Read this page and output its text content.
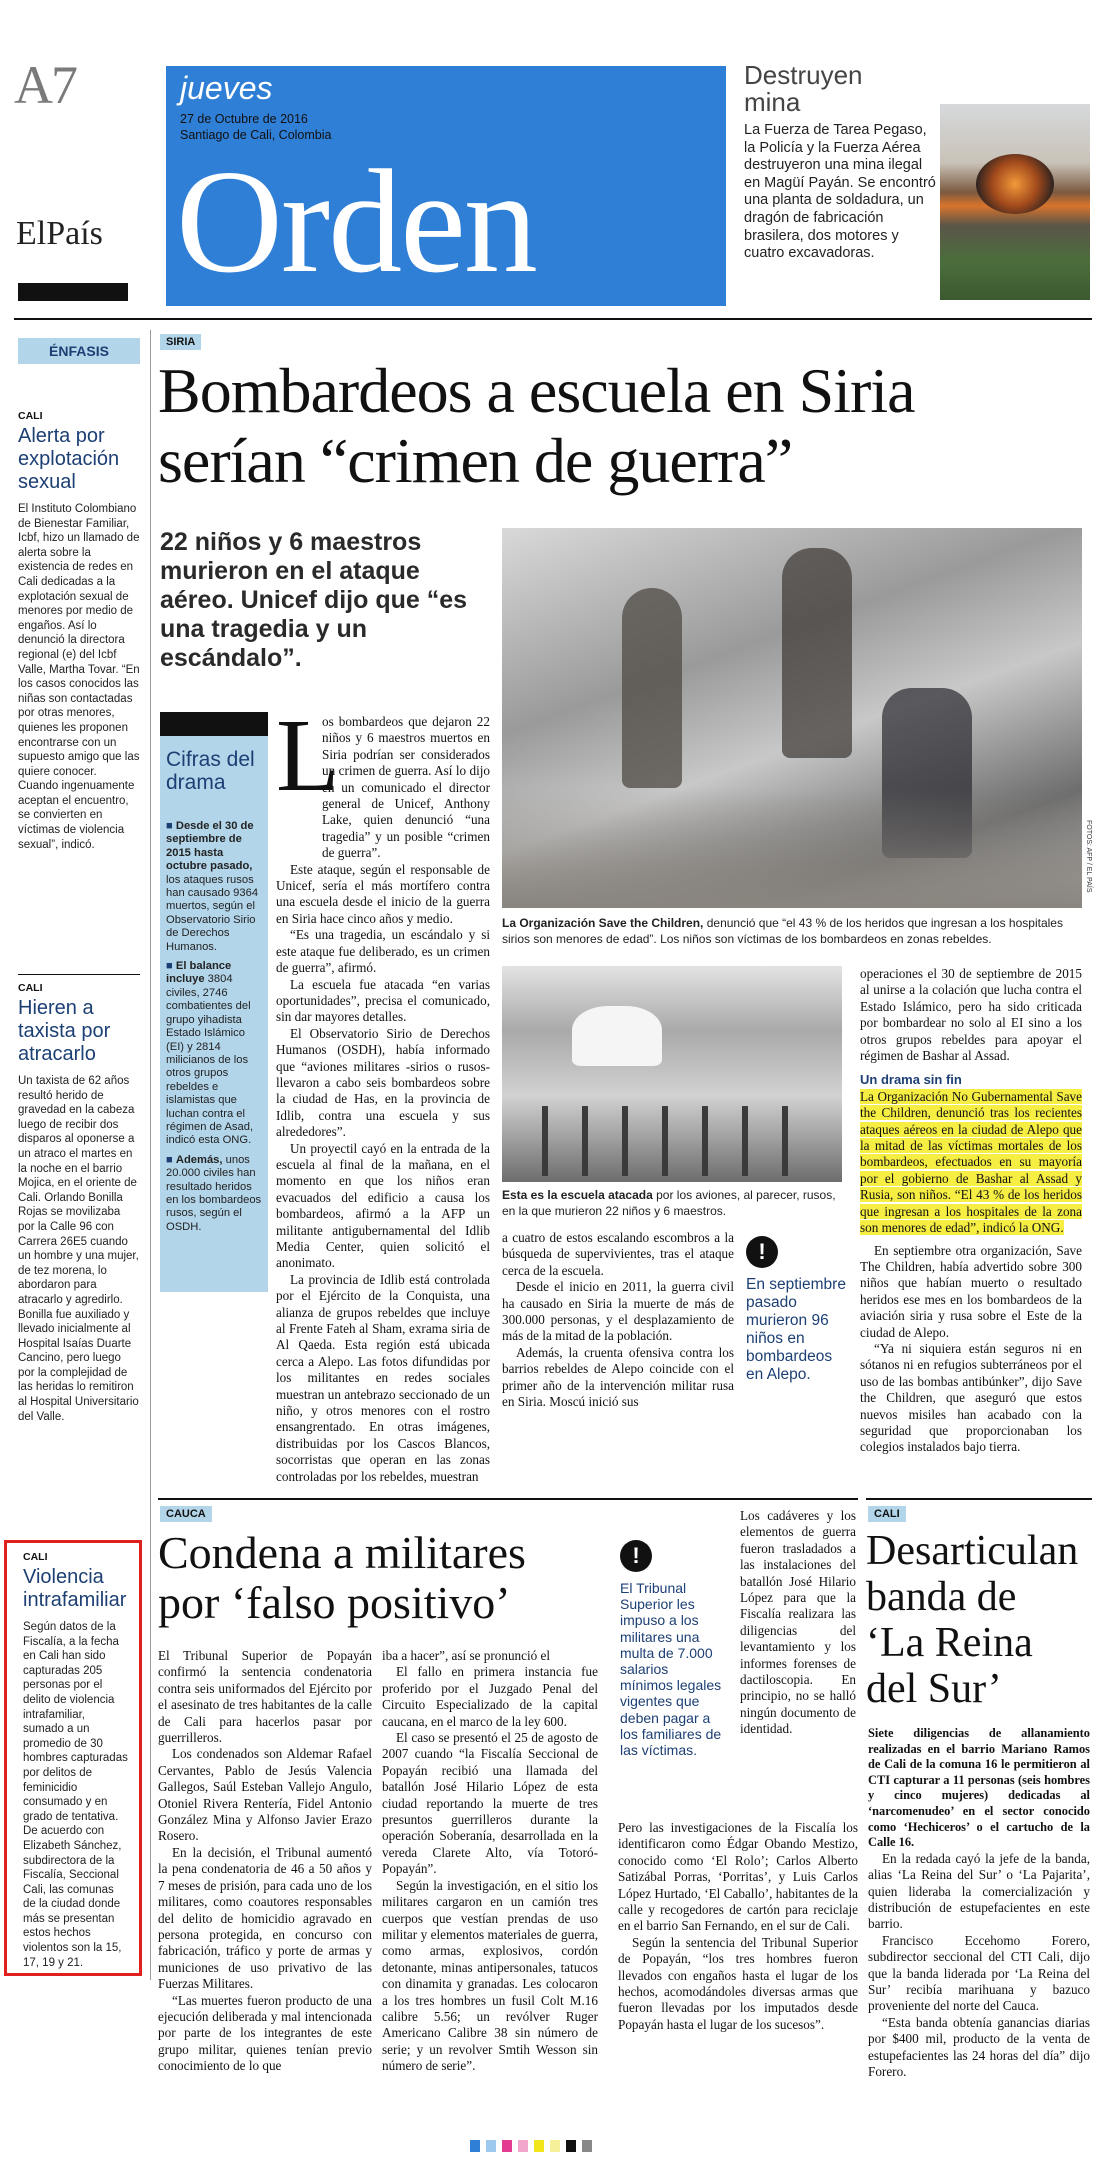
A7
ElPaís
jueves
27 de Octubre de 2016
Santiago de Cali, Colombia
Orden
Destruyen mina
La Fuerza de Tarea Pegaso, la Policía y la Fuerza Aérea destruyeron una mina ilegal en Magüí Payán. Se encontró una planta de soldadura, un dragón de fabricación brasilera, dos motores y cuatro excavadoras.
ÉNFASIS
CALI
Alerta por explotación sexual
El Instituto Colombiano de Bienestar Familiar, Icbf, hizo un llamado de alerta sobre la existencia de redes en Cali dedicadas a la explotación sexual de menores por medio de engaños. Así lo denunció la directora regional (e) del Icbf Valle, Martha Tovar. “En los casos conocidos las niñas son contactadas por otras menores, quienes les proponen encontrarse con un supuesto amigo que las quiere conocer. Cuando ingenuamente aceptan el encuentro, se convierten en víctimas de violencia sexual”, indicó.
CALI
Hieren a taxista por atracarlo
Un taxista de 62 años resultó herido de gravedad en la cabeza luego de recibir dos disparos al oponerse a un atraco el martes en la noche en el barrio Mojica, en el oriente de Cali. Orlando Bonilla Rojas se movilizaba por la Calle 96 con Carrera 26E5 cuando un hombre y una mujer, de tez morena, lo abordaron para atracarlo y agredirlo. Bonilla fue auxiliado y llevado inicialmente al Hospital Isaías Duarte Cancino, pero luego por la complejidad de las heridas lo remitiron al Hospital Universitario del Valle.
CALI
Violencia intrafamiliar
Según datos de la Fiscalía, a la fecha en Cali han sido capturadas 205 personas por el delito de violencia intrafamiliar, sumado a un promedio de 30 hombres capturadas por delitos de feminicidio consumado y en grado de tentativa. De acuerdo con Elizabeth Sánchez, subdirectora de la Fiscalía, Seccional Cali, las comunas de la ciudad donde más se presentan estos hechos violentos son la 15, 17, 19 y 21.
SIRIA
Bombardeos a escuela en Siria
serían “crimen de guerra”
22 niños y 6 maestros murieron en el ataque aéreo. Unicef dijo que “es una tragedia y un escándalo”.
FOTOS: AFP / EL PAÍS
La Organización Save the Children, denunció que “el 43 % de los heridos que ingresan a los hospitales sirios son menores de edad”. Los niños son víctimas de los bombardeos en zonas rebeldes.
Cifras del drama
■ Desde el 30 de septiembre de 2015 hasta octubre pasado, los ataques rusos han causado 9364 muertos, según el Observatorio Sirio de Derechos Humanos.
■ El balance incluye 3804 civiles, 2746 combatientes del grupo yihadista Estado Islámico (EI) y 2814 milicianos de los otros grupos rebeldes e islamistas que luchan contra el régimen de Asad, indicó esta ONG.
■ Además, unos 20.000 civiles han resultado heridos en los bombardeos rusos, según el OSDH.
L

os bombardeos que dejaron 22 niños y 6 maestros muertos en Siria podrían ser considerados un crimen de guerra. Así lo dijo en un comunicado el director general de Unicef, Anthony Lake, quien denunció “una tragedia” y un posible “crimen de guerra”.

Este ataque, según el responsable de Unicef, sería el más mortífero contra una escuela desde el inicio de la guerra en Siria hace cinco años y medio.

“Es una tragedia, un escándalo y si este ataque fue deliberado, es un crimen de guerra”, afirmó.

La escuela fue atacada “en varias oportunidades”, precisa el comunicado, sin dar mayores detalles.

El Observatorio Sirio de Derechos Humanos (OSDH), había informado que “aviones militares -sirios o rusos- llevaron a cabo seis bombardeos sobre la ciudad de Has, en la provincia de Idlib, contra una escuela y sus alrededores”.

Un proyectil cayó en la entrada de la escuela al final de la mañana, en el momento en que los niños eran evacuados del edificio a causa los bombardeos, afirmó a la AFP un militante antigubernamental del Idlib Media Center, quien solicitó el anonimato.

La provincia de Idlib está controlada por el Ejército de la Conquista, una alianza de grupos rebeldes que incluye al Frente Fateh al Sham, exrama siria de Al Qaeda. Esta región está ubicada cerca a Alepo. Las fotos difundidas por los militantes en redes sociales muestran un antebrazo seccionado de un niño, y otros menores con el rostro ensangrentado. En otras imágenes, distribuidas por los Cascos Blancos, socorristas que operan en las zonas controladas por los rebeldes, muestran

Esta es la escuela atacada por los aviones, al parecer, rusos, en la que murieron 22 niños y 6 maestros.

a cuatro de estos escalando escombros a la búsqueda de supervivientes, tras el ataque cerca de la escuela.

Desde el inicio en 2011, la guerra civil ha causado en Siria la muerte de más de 300.000 personas, y el desplazamiento de más de la mitad de la población.

Además, la cruenta ofensiva contra los barrios rebeldes de Alepo coincide con el primer año de la intervención militar rusa en Siria. Moscú inició sus

!
En septiembre pasado murieron 96 niños en bombardeos en Alepo.

operaciones el 30 de septiembre de 2015 al unirse a la colación que lucha contra el Estado Islámico, pero ha sido criticada por bombardear no solo al EI sino a los otros grupos rebeldes para apoyar el régimen de Bashar al Assad.

Un drama sin fin

La Organización No Gubernamental Save the Children, denunció tras los recientes ataques aéreos en la ciudad de Alepo que la mitad de las víctimas mortales de los bombardeos, efectuados en su mayoría por el gobierno de Bashar al Assad y Rusia, son niños. “El 43 % de los heridos que ingresan a los hospitales de la zona son menores de edad”, indicó la ONG.

En septiembre otra organización, Save The Children, había advertido sobre 300 niños que habían muerto o resultado heridos ese mes en los bombardeos de la aviación siria y rusa sobre el Este de la ciudad de Alepo.

“Ya ni siquiera están seguros ni en sótanos ni en refugios subterráneos por el uso de las bombas antibúnker”, dijo Save the Children, que aseguró que estos nuevos misiles han acabado con la seguridad que proporcionaban los colegios instalados bajo tierra.

CAUCA
Condena a militares
por ‘falso positivo’

El Tribunal Superior de Popayán confirmó la sentencia condenatoria contra seis uniformados del Ejército por el asesinato de tres habitantes de la calle de Cali para hacerlos pasar por guerrilleros.

Los condenados son Aldemar Rafael Cervantes, Pablo de Jesús Valencia Gallegos, Saúl Esteban Vallejo Angulo, Otoniel Rivera Rentería, Fidel Antonio González Mina y Alfonso Javier Erazo Rosero.

En la decisión, el Tribunal aumentó la pena condenatoria de 46 a 50 años y 7 meses de prisión, para cada uno de los militares, como coautores responsables del delito de homicidio agravado en persona protegida, en concurso con fabricación, tráfico y porte de armas y municiones de uso privativo de las Fuerzas Militares.

“Las muertes fueron producto de una ejecución deliberada y mal intencionada por parte de los integrantes de este grupo militar, quienes tenían previo conocimiento de lo que

iba a hacer”, así se pronunció el

El fallo en primera instancia fue proferido por el Juzgado Penal del Circuito Especializado de la capital caucana, en el marco de la ley 600.

El caso se presentó el 25 de agosto de 2007 cuando “la Fiscalía Seccional de Popayán recibió una llamada del batallón José Hilario López de esta ciudad reportando la muerte de tres presuntos guerrilleros durante la operación Soberanía, desarrollada en la vereda Clarete Alto, vía Totoró-Popayán”.

Según la investigación, en el sitio los militares cargaron en un camión tres cuerpos que vestían prendas de uso militar y elementos materiales de guerra, como armas, explosivos, cordón detonante, minas antipersonales, tatucos con dinamita y granadas. Les colocaron a los tres hombres un fusil Colt M.16 calibre 5.56; un revólver Ruger Americano Calibre 38 sin número de serie; y un revolver Smtih Wesson sin número de serie”.

!
El Tribunal Superior les impuso a los militares una multa de 7.000 salarios mínimos legales vigentes que deben pagar a los familiares de las víctimas.

Los cadáveres y los elementos de guerra fueron trasladados a las instalaciones del batallón José Hilario López para que la Fiscalía realizara las diligencias del levantamiento y los informes forenses de dactiloscopia. En principio, no se halló ningún documento de identidad.

Pero las investigaciones de la Fiscalía los identificaron como Édgar Obando Mestizo, conocido como ‘El Rolo’; Carlos Alberto Satizábal Porras, ‘Porritas’, y Luis Carlos López Hurtado, ‘El Caballo’, habitantes de la calle y recogedores de cartón para reciclaje en el barrio San Fernando, en el sur de Cali.

Según la sentencia del Tribunal Superior de Popayán, “los tres hombres fueron llevados con engaños hasta el lugar de los hechos, acomodándoles diversas armas que fueron llevadas por los imputados desde Popayán hasta el lugar de los sucesos”.

CALI
Desarticulan
banda de
‘La Reina
del Sur’

Siete diligencias de allanamiento realizadas en el barrio Mariano Ramos de Cali de la comuna 16 le permitieron al CTI capturar a 11 personas (seis hombres y cinco mujeres) dedicadas al ‘narcomenudeo’ en el sector conocido como ‘Hechiceros’ o el cartucho de la Calle 16.

En la redada cayó la jefe de la banda, alias ‘La Reina del Sur’ o ‘La Pajarita’, quien lideraba la comercialización y distribución de estupefacientes en este barrio.

Francisco Eccehomo Forero, subdirector seccional del CTI Cali, dijo que la banda liderada por ‘La Reina del Sur’ recibía marihuana y bazuco proveniente del norte del Cauca.

“Esta banda obtenía ganancias diarias por $400 mil, producto de la venta de estupefacientes las 24 horas del día” dijo Forero.
